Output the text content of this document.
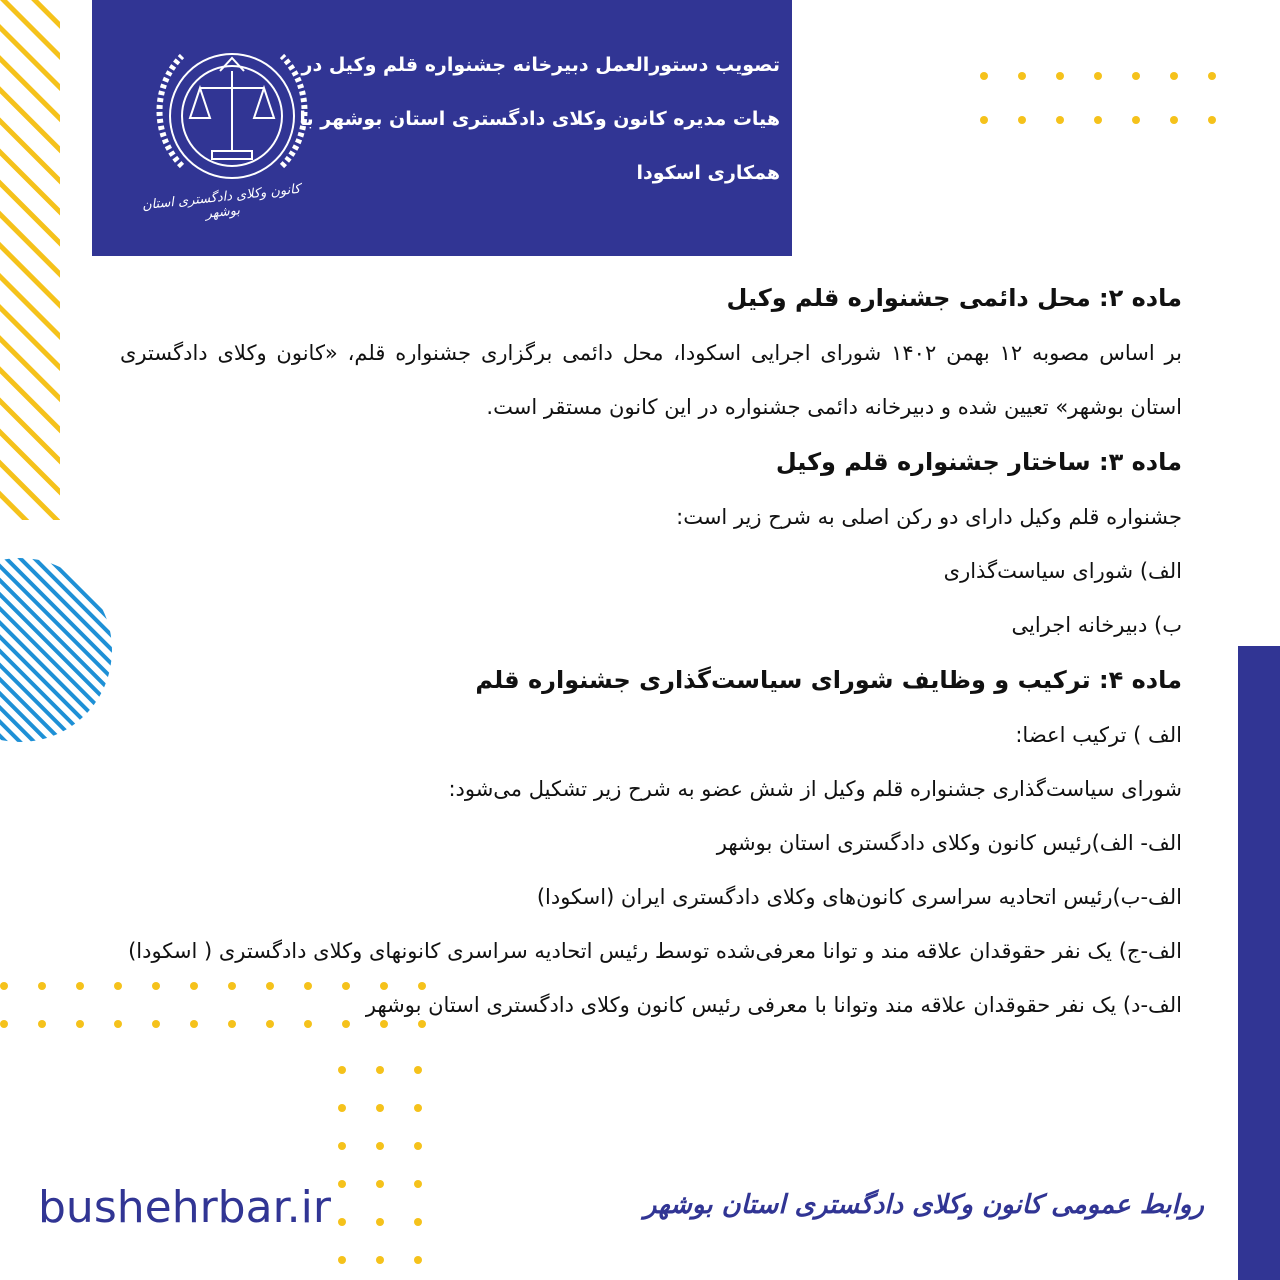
کانون وکلای دادگستری استان بوشهر
تصویب دستورالعمل دبیرخانه جشنواره قلم وکیل در
هیات مدیره کانون وکلای دادگستری استان بوشهر با
همکاری اسکودا

ماده ۲: محل دائمی جشنواره قلم وکیل

بر اساس مصوبه ۱۲ بهمن ۱۴۰۲ شورای اجرایی اسکودا، محل دائمی برگزاری جشنواره قلم، «کانون وکلای دادگستری استان بوشهر» تعیین شده و دبیرخانه دائمی جشنواره در این کانون مستقر است.

ماده ۳: ساختار جشنواره قلم وکیل

جشنواره قلم وکیل دارای دو رکن اصلی به شرح زیر است:

الف) شورای سیاست‌گذاری

ب) دبیرخانه اجرایی

ماده ۴: ترکیب و وظایف شورای سیاست‌گذاری جشنواره قلم

الف ) ترکیب اعضا:

شورای سیاست‌گذاری جشنواره قلم وکیل از شش عضو به شرح زیر تشکیل می‌شود:

الف- الف)رئیس کانون وکلای دادگستری استان بوشهر

الف-ب)رئیس اتحادیه سراسری کانون‌های وکلای دادگستری ایران (اسکودا)

الف-ج) یک نفر حقوقدان علاقه مند و توانا معرفی‌شده توسط رئیس اتحادیه سراسری کانونهای وکلای دادگستری ( اسکودا)

الف-د) یک نفر حقوقدان علاقه مند وتوانا با معرفی رئیس کانون وکلای دادگستری استان بوشهر

bushehrbar.ir	روابط عمومی کانون وکلای دادگستری استان بوشهر
